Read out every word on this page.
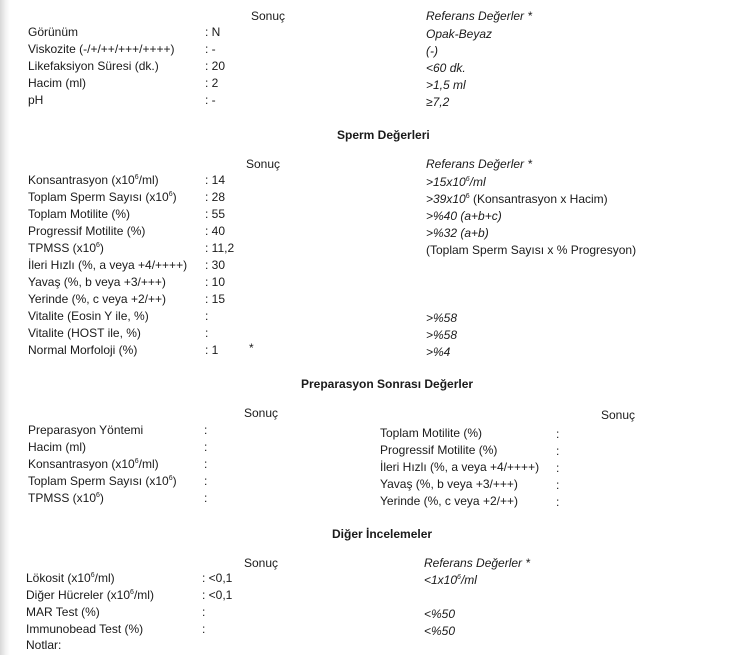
Sonuç	Referans Değerler *
Görünüm	: N	Opak-Beyaz
Viskozite (-/+/++/+++/++++)	: -	(-)
Likefaksiyon Süresi (dk.)	: 20	<60 dk.
Hacim (ml)	: 2	>1,5 ml
pH	: -	≥7,2
Sperm Değerleri
Sonuç	Referans Değerler *
Konsantrasyon $(x10^6/ml)$	: 14	$>15x10^6/ml$
Toplam Sperm Sayısı $(x10^6)$ : 28	$>39x10^6$ (Konsantrasyon x Hacim)
Toplam Motilite (%)	: 55	>%40 (a+b+c)
Progressif Motilite (%)	: 40	>%32 (a+b)
TPMSS $(x10^6)$	: 11,2	(Toplam Sperm Sayısı x % Progresyon)
İleri Hızlı (%, a veya +4/++++) : 30
Yavaş (%, b veya +3/+++)	: 10
Yerinde (%, c veya +2/++)	: 15
Vitalite (Eosin Y ile, %)	:	>%58
Vitalite (HOST ile, %)	:	>%58
Normal Morfoloji (%)	: 1	*	>%4
Preparasyon Sonrası Değerler
Sonuç	Sonuç
Preparasyon Yöntemi	:
Hacim (ml)	:
Konsantrasyon $(x10^6/ml)$	:
Toplam Sperm Sayısı $(x10^6)$ :
TPMSS $(x10^6)$	:
Toplam Motilite (%)	:
Progressif Motilite (%)	:
İleri Hızlı (%, a veya +4/++++) :
Yavaş (%, b veya +3/+++)	:
Yerinde (%, c veya +2/++)	:
Diğer İncelemeler
Sonuç	Referans Değerler *
Lökosit $(x10^6/ml)$	: <0,1	$<1x10^6/ml$
Diğer Hücreler $(x10^6/ml)$	: <0,1
MAR Test (%)	:	<%50
Immunobead Test (%)	:	<%50
Notlar:
